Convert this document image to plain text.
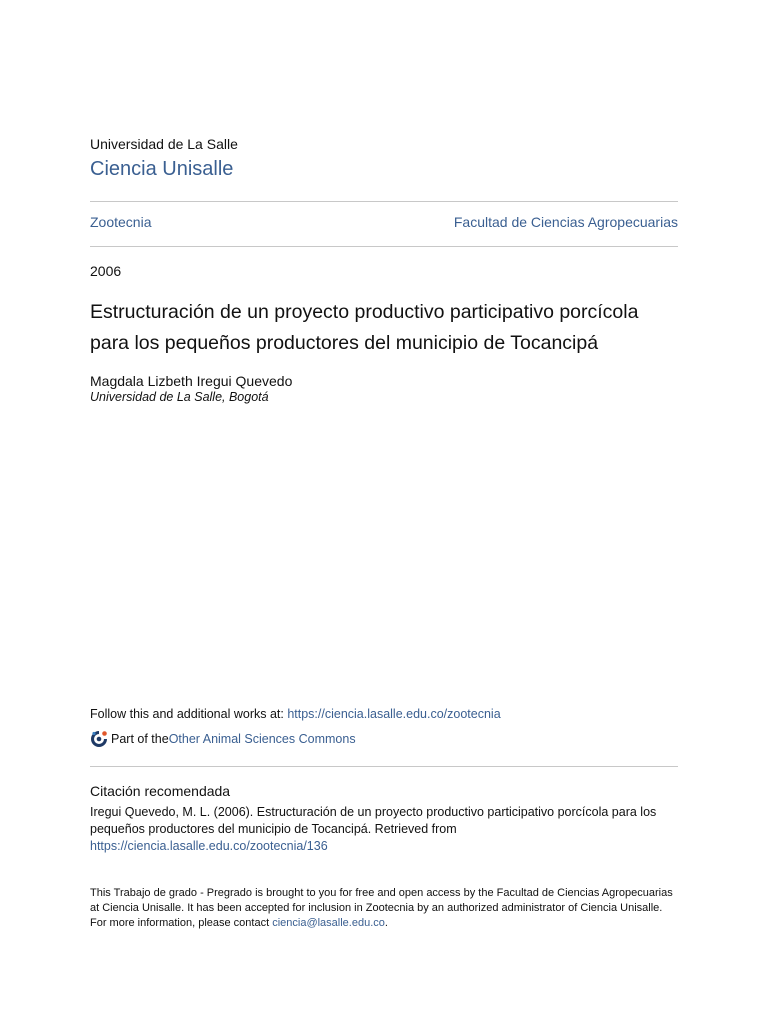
Universidad de La Salle
Ciencia Unisalle
Zootecnia	Facultad de Ciencias Agropecuarias
2006
Estructuración de un proyecto productivo participativo porcícola para los pequeños productores del municipio de Tocancipá
Magdala Lizbeth Iregui Quevedo
Universidad de La Salle, Bogotá
Follow this and additional works at: https://ciencia.lasalle.edu.co/zootecnia
Part of the Other Animal Sciences Commons
Citación recomendada
Iregui Quevedo, M. L. (2006). Estructuración de un proyecto productivo participativo porcícola para los pequeños productores del municipio de Tocancipá. Retrieved from https://ciencia.lasalle.edu.co/zootecnia/136
This Trabajo de grado - Pregrado is brought to you for free and open access by the Facultad de Ciencias Agropecuarias at Ciencia Unisalle. It has been accepted for inclusion in Zootecnia by an authorized administrator of Ciencia Unisalle. For more information, please contact ciencia@lasalle.edu.co.
